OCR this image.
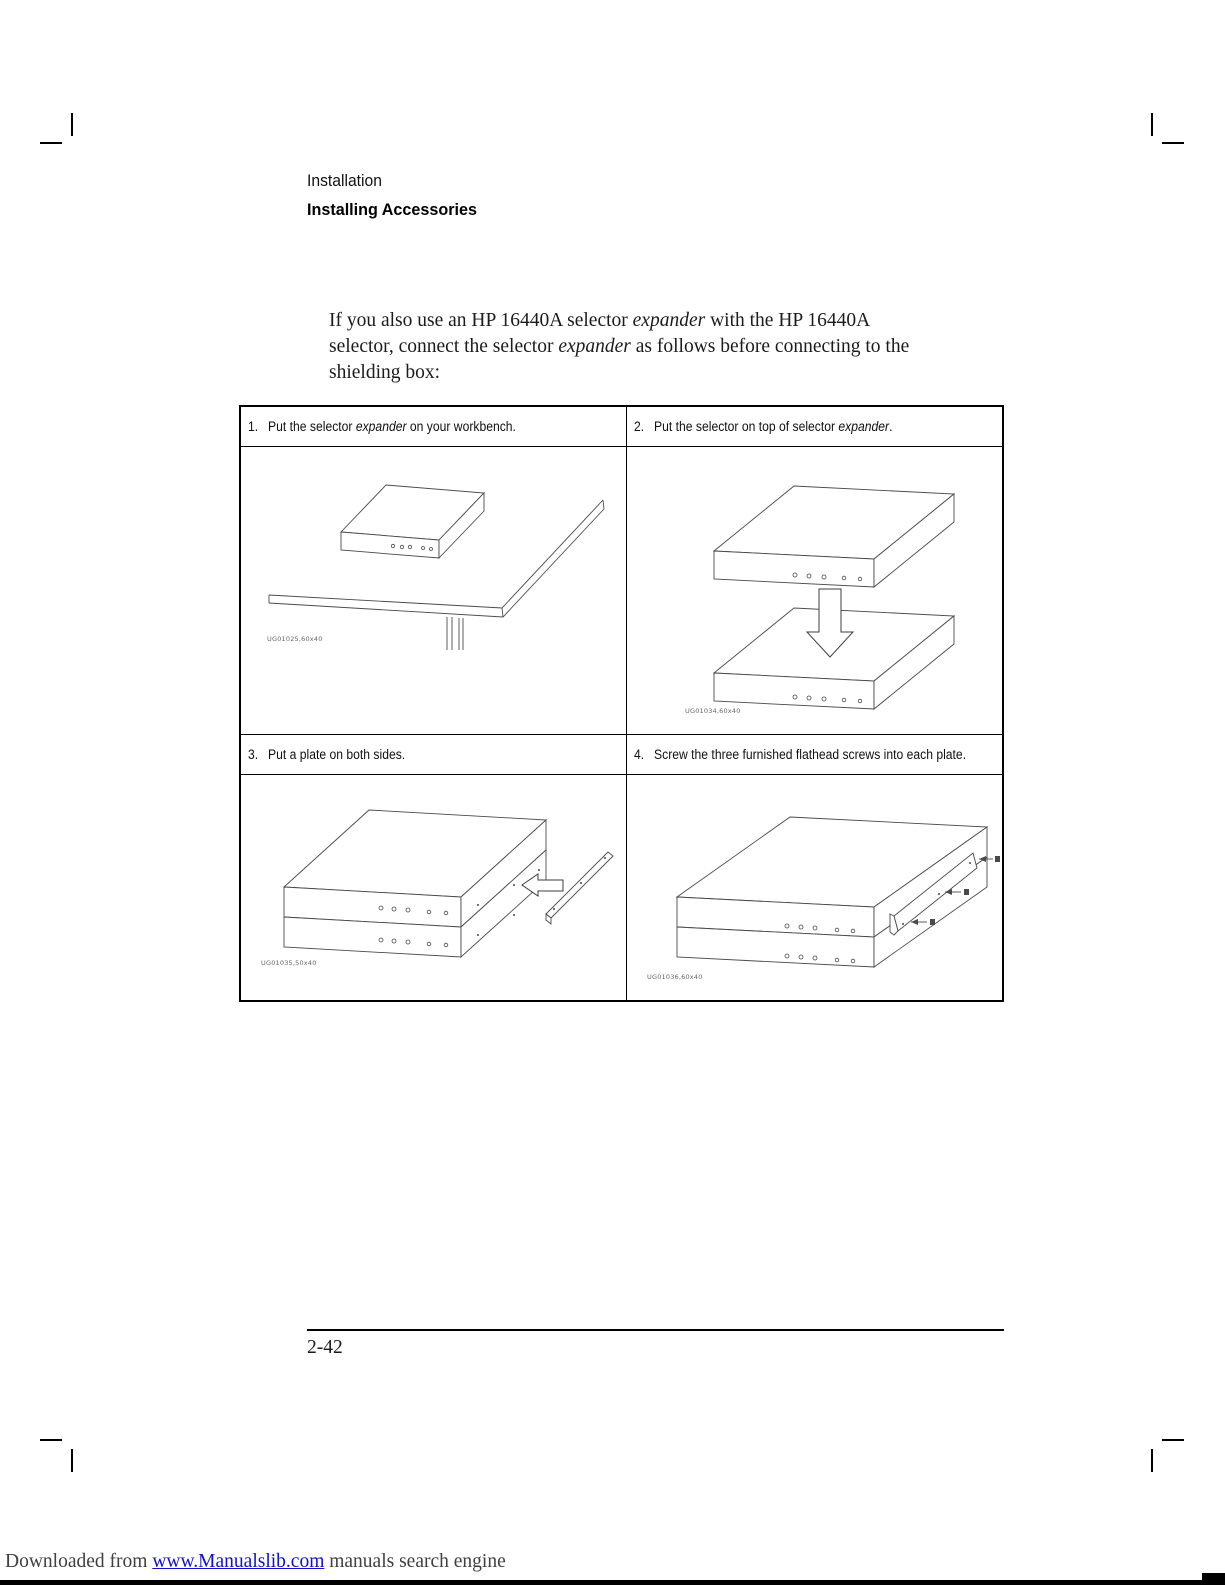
Installation
Installing Accessories
If you also use an HP 16440A selector expander with the HP 16440A
selector, connect the selector expander as follows before connecting to the
shielding box:
1. Put the selector expander on your workbench.	2. Put the selector on top of selector expander.
UG01025,60x40
UG01034,60x40
3. Put a plate on both sides.	4. Screw the three furnished flathead screws into each plate.
UG01035,50x40
UG01036,60x40
2-42
Downloaded from www.Manualslib.com manuals search engine
